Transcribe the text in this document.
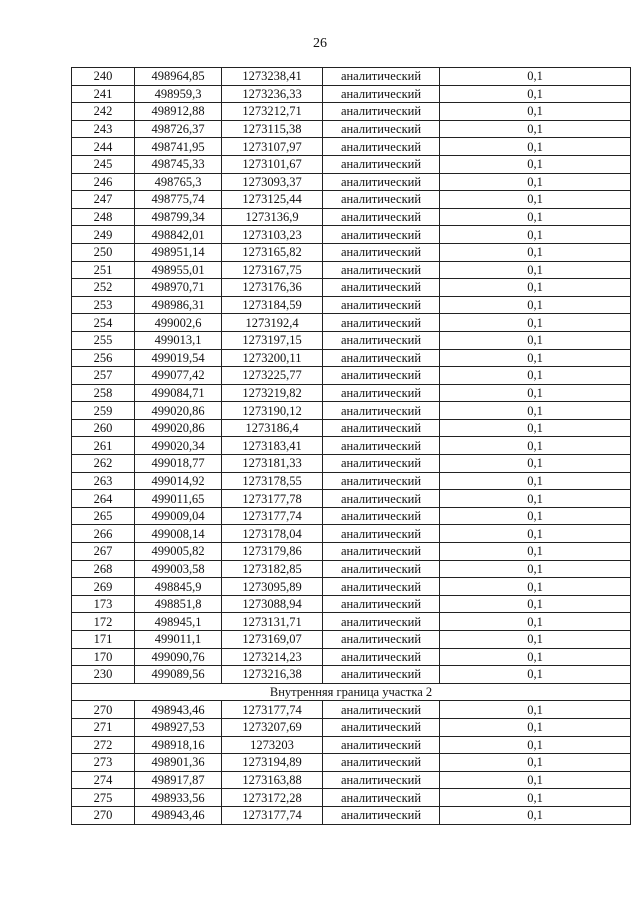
26
240	498964,85	1273238,41	аналитический	0,1
241	498959,3	1273236,33	аналитический	0,1
242	498912,88	1273212,71	аналитический	0,1
243	498726,37	1273115,38	аналитический	0,1
244	498741,95	1273107,97	аналитический	0,1
245	498745,33	1273101,67	аналитический	0,1
246	498765,3	1273093,37	аналитический	0,1
247	498775,74	1273125,44	аналитический	0,1
248	498799,34	1273136,9	аналитический	0,1
249	498842,01	1273103,23	аналитический	0,1
250	498951,14	1273165,82	аналитический	0,1
251	498955,01	1273167,75	аналитический	0,1
252	498970,71	1273176,36	аналитический	0,1
253	498986,31	1273184,59	аналитический	0,1
254	499002,6	1273192,4	аналитический	0,1
255	499013,1	1273197,15	аналитический	0,1
256	499019,54	1273200,11	аналитический	0,1
257	499077,42	1273225,77	аналитический	0,1
258	499084,71	1273219,82	аналитический	0,1
259	499020,86	1273190,12	аналитический	0,1
260	499020,86	1273186,4	аналитический	0,1
261	499020,34	1273183,41	аналитический	0,1
262	499018,77	1273181,33	аналитический	0,1
263	499014,92	1273178,55	аналитический	0,1
264	499011,65	1273177,78	аналитический	0,1
265	499009,04	1273177,74	аналитический	0,1
266	499008,14	1273178,04	аналитический	0,1
267	499005,82	1273179,86	аналитический	0,1
268	499003,58	1273182,85	аналитический	0,1
269	498845,9	1273095,89	аналитический	0,1
173	498851,8	1273088,94	аналитический	0,1
172	498945,1	1273131,71	аналитический	0,1
171	499011,1	1273169,07	аналитический	0,1
170	499090,76	1273214,23	аналитический	0,1
230	499089,56	1273216,38	аналитический	0,1
Внутренняя граница участка 2				
270	498943,46	1273177,74	аналитический	0,1
271	498927,53	1273207,69	аналитический	0,1
272	498918,16	1273203	аналитический	0,1
273	498901,36	1273194,89	аналитический	0,1
274	498917,87	1273163,88	аналитический	0,1
275	498933,56	1273172,28	аналитический	0,1
270	498943,46	1273177,74	аналитический	0,1
